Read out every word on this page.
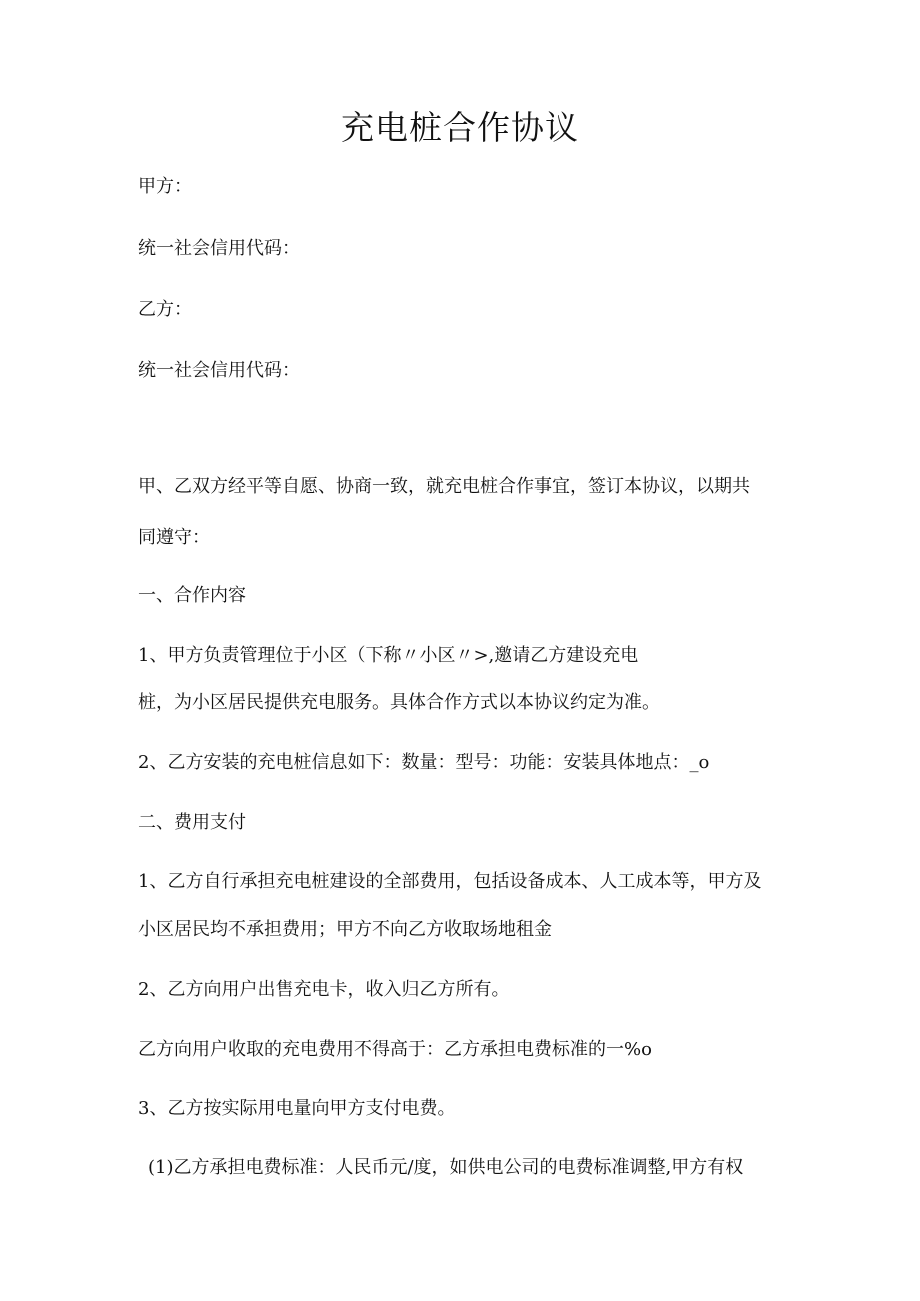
充电桩合作协议
甲方：
统一社会信用代码：
乙方：
统一社会信用代码：
甲、乙双方经平等自愿、协商一致，就充电桩合作事宜，签订本协议，以期共
同遵守：
一、合作内容
1、甲方负责管理位于小区（下称〃小区〃>,邀请乙方建设充电
桩，为小区居民提供充电服务。具体合作方式以本协议约定为准。
2、乙方安装的充电桩信息如下：数量：型号：功能：安装具体地点：_o
二、费用支付
1、乙方自行承担充电桩建设的全部费用，包括设备成本、人工成本等，甲方及
小区居民均不承担费用；甲方不向乙方收取场地租金
2、乙方向用户出售充电卡，收入归乙方所有。
乙方向用户收取的充电费用不得高于：乙方承担电费标准的一%o
3、乙方按实际用电量向甲方支付电费。
(1)乙方承担电费标准：人民币元/度，如供电公司的电费标准调整,甲方有权
